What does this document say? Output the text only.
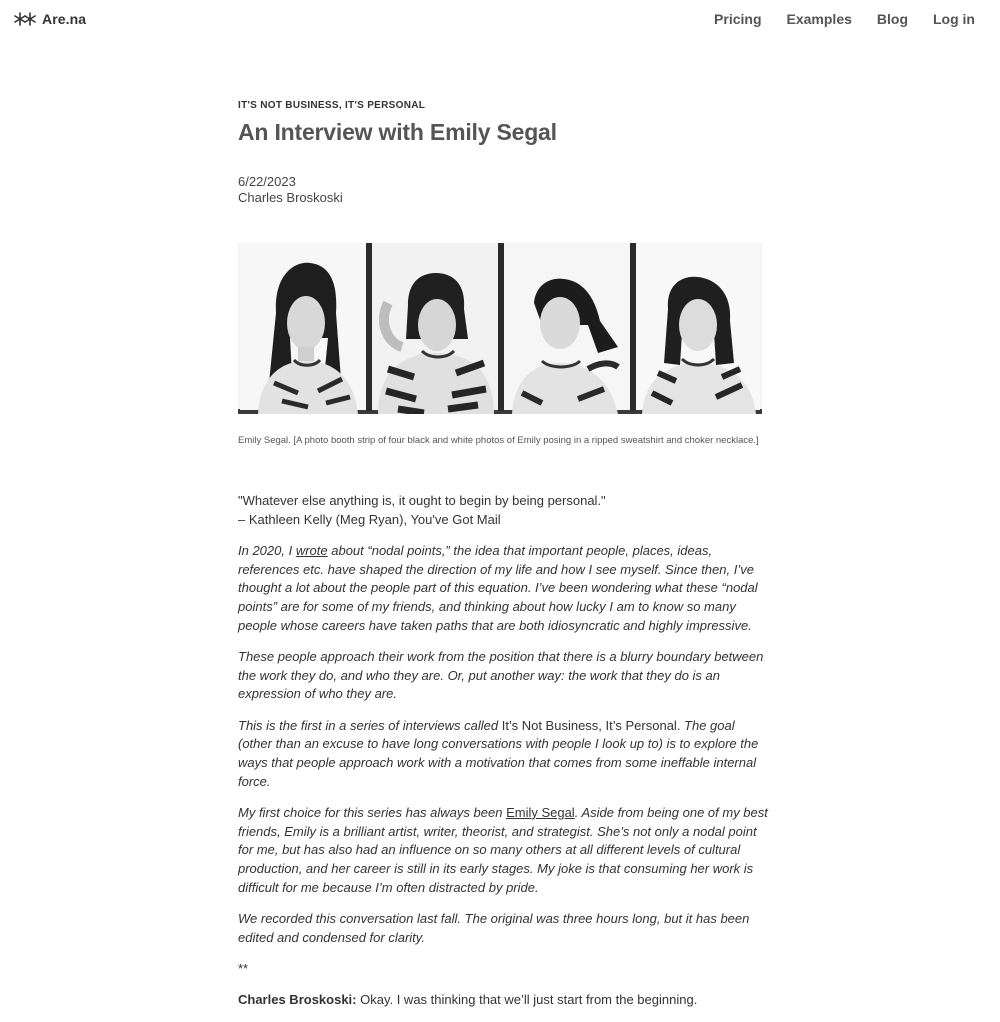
Are.na	Pricing Examples Blog Log in
IT'S NOT BUSINESS, IT'S PERSONAL
An Interview with Emily Segal
6/22/2023
Charles Broskoski
Emily Segal. [A photo booth strip of four black and white photos of Emily posing in a ripped sweatshirt and choker necklace.]

"Whatever else anything is, it ought to begin by being personal."
– Kathleen Kelly (Meg Ryan), You've Got Mail

In 2020, I wrote about “nodal points,” the idea that important people, places, ideas, references etc. have shaped the direction of my life and how I see myself. Since then, I’ve thought a lot about the people part of this equation. I’ve been wondering what these “nodal points” are for some of my friends, and thinking about how lucky I am to know so many people whose careers have taken paths that are both idiosyncratic and highly impressive.

These people approach their work from the position that there is a blurry boundary between the work they do, and who they are. Or, put another way: the work that they do is an expression of who they are.

This is the first in a series of interviews called It’s Not Business, It’s Personal. The goal (other than an excuse to have long conversations with people I look up to) is to explore the ways that people approach work with a motivation that comes from some ineffable internal force.

My first choice for this series has always been Emily Segal. Aside from being one of my best friends, Emily is a brilliant artist, writer, theorist, and strategist. She’s not only a nodal point for me, but has also had an influence on so many others at all different levels of cultural production, and her career is still in its early stages. My joke is that consuming her work is difficult for me because I’m often distracted by pride.

We recorded this conversation last fall. The original was three hours long, but it has been edited and condensed for clarity.

**

Charles Broskoski: Okay. I was thinking that we’ll just start from the beginning.
